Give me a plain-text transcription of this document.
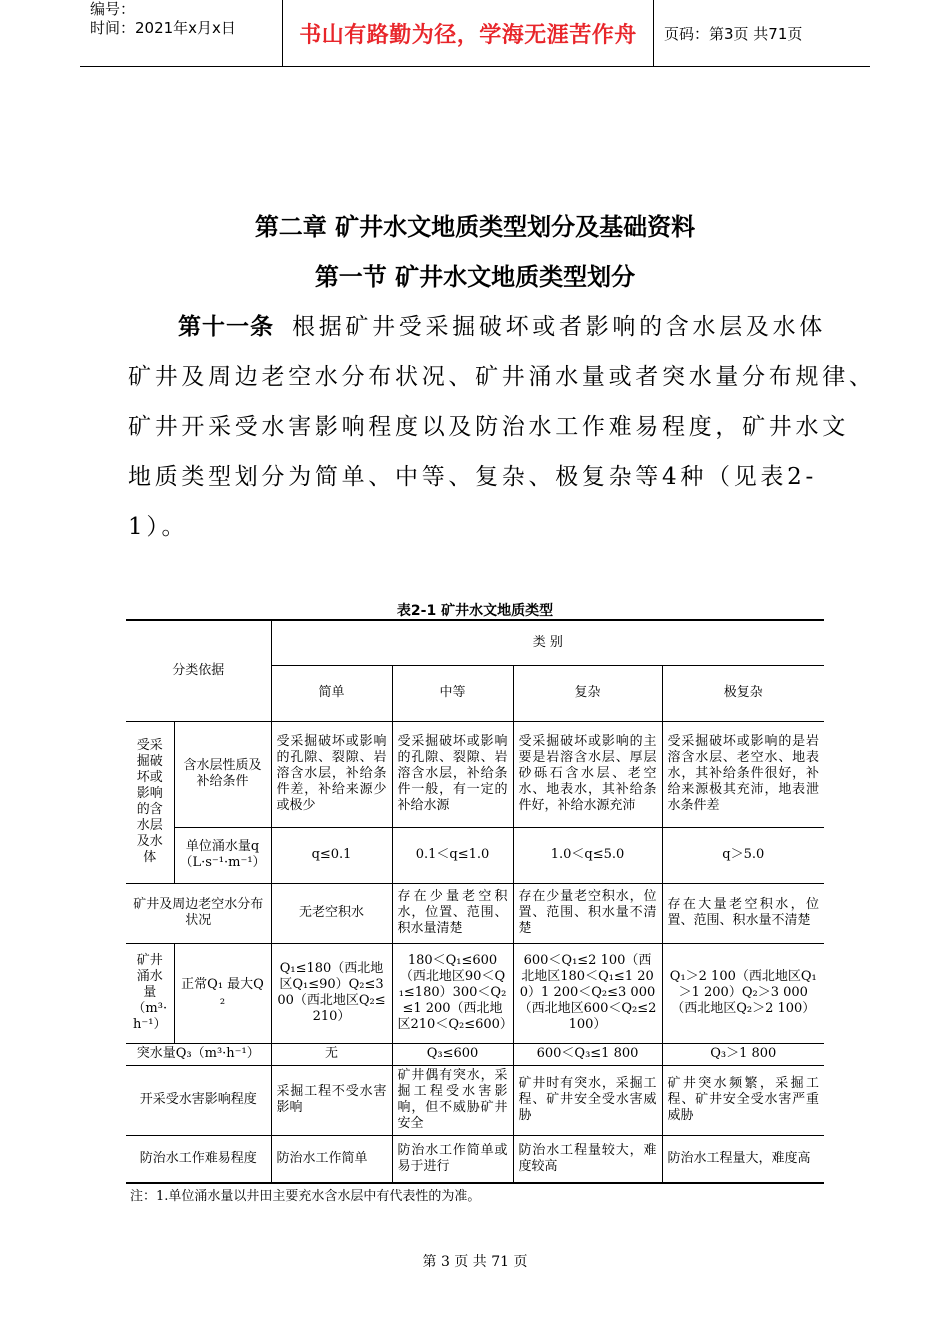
编号：
时间：2021年x月x日	书山有路勤为径，学海无涯苦作舟	页码：第3页 共71页
第二章 矿井水文地质类型划分及基础资料
第一节 矿井水文地质类型划分
第十一条 根据矿井受采掘破坏或者影响的含水层及水体
矿井及周边老空水分布状况、矿井涌水量或者突水量分布规律、
矿井开采受水害影响程度以及防治水工作难易程度，矿井水文
地质类型划分为简单、中等、复杂、极复杂等4种（见表2-
1）。
表2-1 矿井水文地质类型
分类依据		类 别			
		简单	中等	复杂	极复杂
受采掘破坏或影响的含水层及水体	含水层性质及补给条件	受采掘破坏或影响的孔隙、裂隙、岩溶含水层，补给条件差，补给来源少或极少	受采掘破坏或影响的孔隙、裂隙、岩溶含水层，补给条件一般，有一定的补给水源	受采掘破坏或影响的主要是岩溶含水层、厚层砂砾石含水层、老空水、地表水，其补给条件好，补给水源充沛	受采掘破坏或影响的是岩溶含水层、老空水、地表水，其补给条件很好，补给来源极其充沛，地表泄水条件差
	单位涌水量q（L·s⁻¹·m⁻¹）	q≤0.1	0.1＜q≤1.0	1.0＜q≤5.0	q＞5.0
矿井及周边老空水分布状况		无老空积水	存在少量老空积水，位置、范围、积水量清楚	存在少量老空积水，位置、范围、积水量不清楚	存在大量老空积水，位置、范围、积水量不清楚
矿井涌水量（m³·h⁻¹）	正常Q₁ 最大Q₂	Q₁≤180（西北地区Q₁≤90）Q₂≤300（西北地区Q₂≤210）	180＜Q₁≤600（西北地区90＜Q₁≤180）300＜Q₂≤1 200（西北地区210＜Q₂≤600）	600＜Q₁≤2 100（西北地区180＜Q₁≤1 200）1 200＜Q₂≤3 000（西北地区600＜Q₂≤2 100）	Q₁＞2 100（西北地区Q₁＞1 200）Q₂＞3 000（西北地区Q₂＞2 100）
突水量Q₃（m³·h⁻¹）		无	Q₃≤600	600＜Q₃≤1 800	Q₃＞1 800
开采受水害影响程度		采掘工程不受水害影响	矿井偶有突水，采掘工程受水害影响，但不威胁矿井安全	矿井时有突水，采掘工程、矿井安全受水害威胁	矿井突水频繁，采掘工程、矿井安全受水害严重威胁
防治水工作难易程度		防治水工作简单	防治水工作简单或易于进行	防治水工程量较大，难度较高	防治水工程量大，难度高
注：1.单位涌水量以井田主要充水含水层中有代表性的为准。
第 3 页 共 71 页
